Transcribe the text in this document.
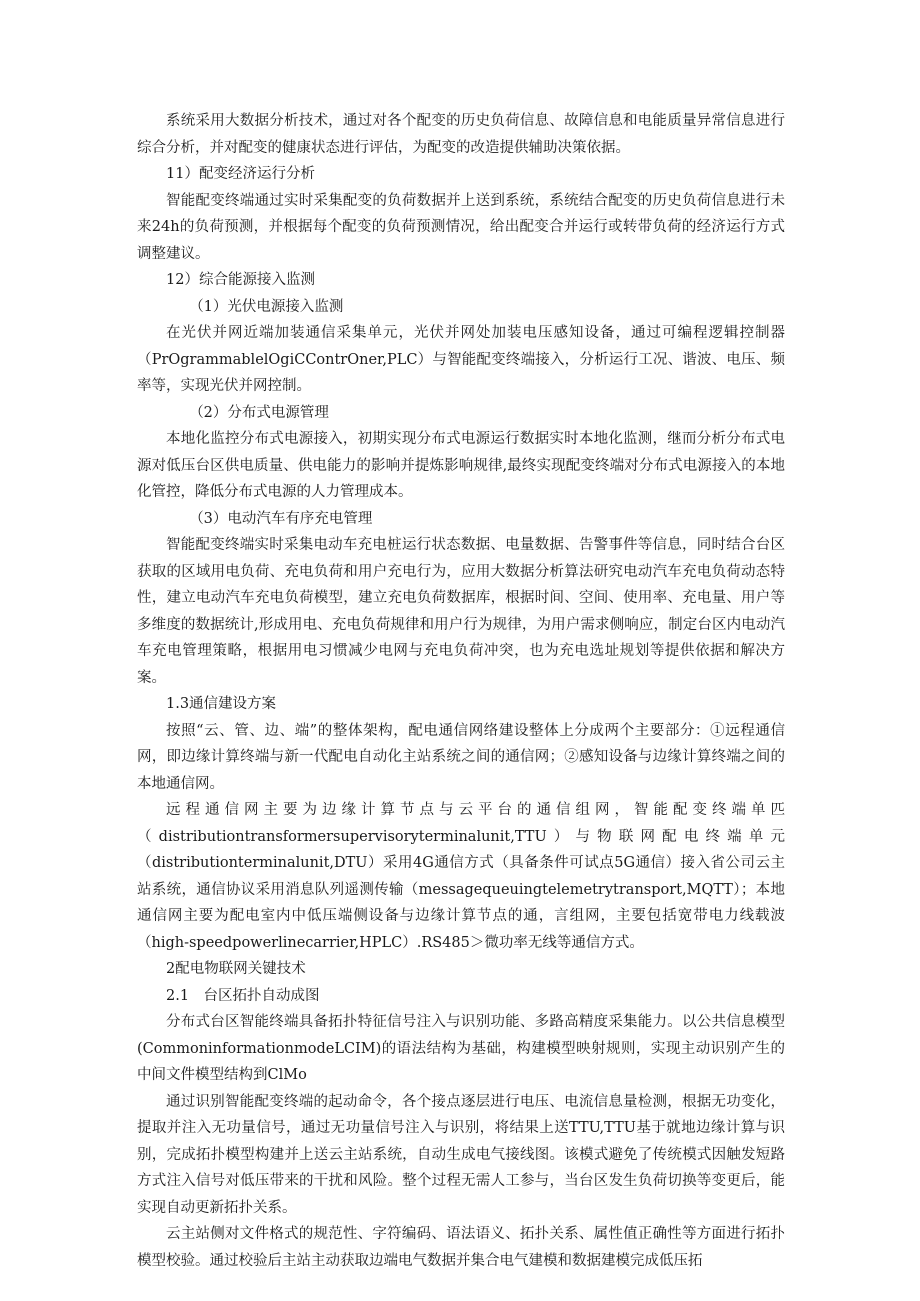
系统采用大数据分析技术，通过对各个配变的历史负荷信息、故障信息和电能质量异常信息进行综合分析，并对配变的健康状态进行评估，为配变的改造提供辅助决策依据。

11）配变经济运行分析

智能配变终端通过实时采集配变的负荷数据并上送到系统，系统结合配变的历史负荷信息进行未来24h的负荷预测，并根据每个配变的负荷预测情况，给出配变合并运行或转带负荷的经济运行方式调整建议。

12）综合能源接入监测

（1）光伏电源接入监测

在光伏并网近端加装通信采集单元，光伏并网处加装电压感知设备，通过可编程逻辑控制器（PrOgrammablelOgiCContrOner,PLC）与智能配变终端接入，分析运行工况、谐波、电压、频率等，实现光伏并网控制。

（2）分布式电源管理

本地化监控分布式电源接入，初期实现分布式电源运行数据实时本地化监测，继而分析分布式电源对低压台区供电质量、供电能力的影响并提炼影响规律,最终实现配变终端对分布式电源接入的本地化管控，降低分布式电源的人力管理成本。

（3）电动汽车有序充电管理

智能配变终端实时采集电动车充电桩运行状态数据、电量数据、告警事件等信息，同时结合台区获取的区域用电负荷、充电负荷和用户充电行为，应用大数据分析算法研究电动汽车充电负荷动态特性，建立电动汽车充电负荷模型，建立充电负荷数据库，根据时间、空间、使用率、充电量、用户等多维度的数据统计,形成用电、充电负荷规律和用户行为规律，为用户需求侧响应，制定台区内电动汽车充电管理策略，根据用电习惯减少电网与充电负荷冲突，也为充电选址规划等提供依据和解决方案。

1.3通信建设方案

按照“云、管、边、端”的整体架构，配电通信网络建设整体上分成两个主要部分：①远程通信网，即边缘计算终端与新一代配电自动化主站系统之间的通信网；②感知设备与边缘计算终端之间的本地通信网。

远程通信网主要为边缘计算节点与云平台的通信组网，智能配变终端单匹（distributiontransformersupervisoryterminalunit,TTU）与物联网配电终端单元（distributionterminalunit,DTU）采用4G通信方式（具备条件可试点5G通信）接入省公司云主站系统，通信协议采用消息队列遥测传输（messagequeuingtelemetrytransport,MQTT）；本地通信网主要为配电室内中低压端侧设备与边缘计算节点的通，言组网，主要包括宽带电力线载波（high-speedpowerlinecarrier,HPLC）.RS485＞微功率无线等通信方式。

2配电物联网关键技术

2.1　台区拓扑自动成图

分布式台区智能终端具备拓扑特征信号注入与识别功能、多路高精度采集能力。以公共信息模型(CommoninformationmodeLCIM)的语法结构为基础，构建模型映射规则，实现主动识别产生的中间文件模型结构到ClMo

通过识别智能配变终端的起动命令，各个接点逐层进行电压、电流信息量检测，根据无功变化，提取并注入无功量信号，通过无功量信号注入与识别，将结果上送TTU,TTU基于就地边缘计算与识别，完成拓扑模型构建并上送云主站系统，自动生成电气接线图。该模式避免了传统模式因触发短路方式注入信号对低压带来的干扰和风险。整个过程无需人工参与，当台区发生负荷切换等变更后，能实现自动更新拓扑关系。

云主站侧对文件格式的规范性、字符编码、语法语义、拓扑关系、属性值正确性等方面进行拓扑模型校验。通过校验后主站主动获取边端电气数据并集合电气建模和数据建模完成低压拓
